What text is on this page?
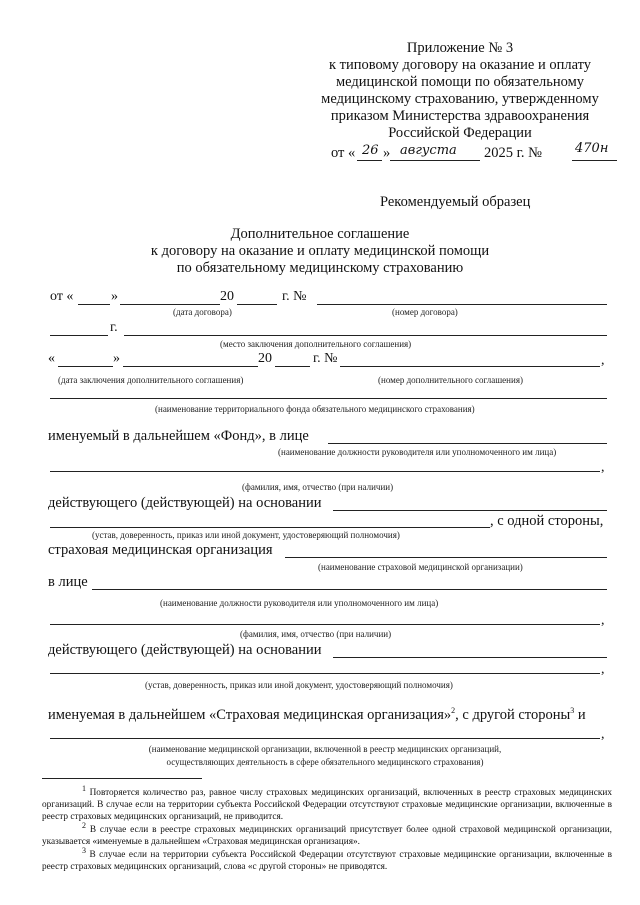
Приложение № 3
к типовому договору на оказание и оплату
медицинской помощи по обязательному
медицинскому страхованию, утвержденному
приказом Министерства здравоохранения
Российской Федерации
от « 26 » августа 2025 г. №	470н
Рекомендуемый образец
Дополнительное соглашение
к договору на оказание и оплату медицинской помощи
по обязательному медицинскому страхованию
от «	»	20	г. №
(дата договора)	(номер договора)
г.
(место заключения дополнительного соглашения)
«	»	20	г. №	,
(дата заключения дополнительного соглашения)	(номер дополнительного соглашения)
(наименование территориального фонда обязательного медицинского страхования)
именуемый в дальнейшем «Фонд», в лице
(наименование должности руководителя или уполномоченного им лица)
,
(фамилия, имя, отчество (при наличии)
действующего (действующей) на основании
, с одной стороны,
(устав, доверенность, приказ или иной документ, удостоверяющий полномочия)
страховая медицинская организация
(наименование страховой медицинской организации)
в лице
(наименование должности руководителя или уполномоченного им лица)
,
(фамилия, имя, отчество (при наличии)
действующего (действующей) на основании
,
(устав, доверенность, приказ или иной документ, удостоверяющий полномочия)
именуемая в дальнейшем «Страховая медицинская организация»$^2$, с другой стороны$^3$ и
,
(наименование медицинской организации, включенной в реестр медицинских организаций,
осуществляющих деятельность в сфере обязательного медицинского страхования)
$^1$ Повторяется количество раз, равное числу страховых медицинских организаций, включенных в реестр страховых медицинских организаций. В случае если на территории субъекта Российской Федерации отсутствуют страховые медицинские организации, включенные в реестр страховых медицинских организаций, не приводится.
$^2$ В случае если в реестре страховых медицинских организаций присутствует более одной страховой медицинской организации, указывается «именуемые в дальнейшем «Страховая медицинская организация».
$^3$ В случае если на территории субъекта Российской Федерации отсутствуют страховые медицинские организации, включенные в реестр страховых медицинских организаций, слова «с другой стороны» не приводятся.
